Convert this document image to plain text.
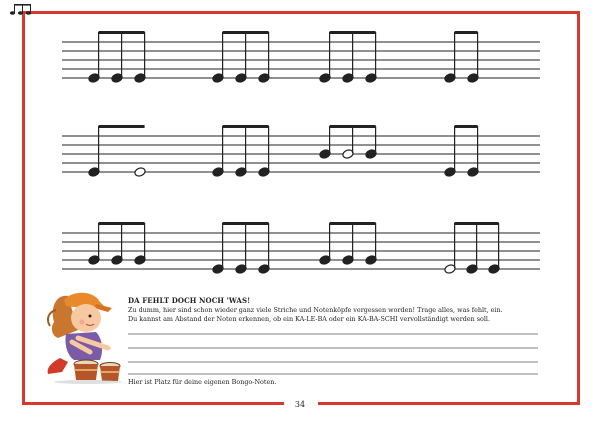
DA FEHLT DOCH NOCH 'WAS!
Zu dumm, hier sind schon wieder ganz viele Striche und Notenköpfe vergessen worden! Trage alles, was fehlt, ein.
Du kannst am Abstand der Noten erkennen, ob ein KA-LE-BA oder ein KA-BA-SCHI vervollständigt werden soll.
Hier ist Platz für deine eigenen Bongo-Noten.
34
